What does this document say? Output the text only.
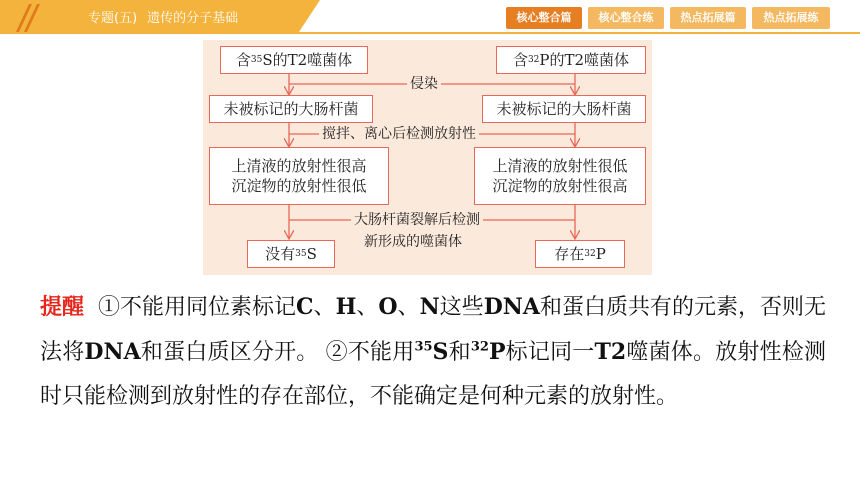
专题(五) 遗传的分子基础	核心整合篇	核心整合练	热点拓展篇	热点拓展练
含 35 S的T2噬菌体	含 32 P的T2噬菌体
侵染
未被标记的大肠杆菌	未被标记的大肠杆菌
搅拌、离心后检测放射性
上清液的放射性很高
沉淀物的放射性很低
上清液的放射性很低
沉淀物的放射性很高
大肠杆菌裂解后检测
新形成的噬菌体
没有 35 S	存在 32 P
提醒 ①不能用同位素标记C、H、O、N这些DNA和蛋白质共有的元素，否则无法将DNA和蛋白质区分开。 ②不能用$^{35}$S和$^{32}$P标记同一T2噬菌体。放射性检测时只能检测到放射性的存在部位，不能确定是何种元素的放射性。
